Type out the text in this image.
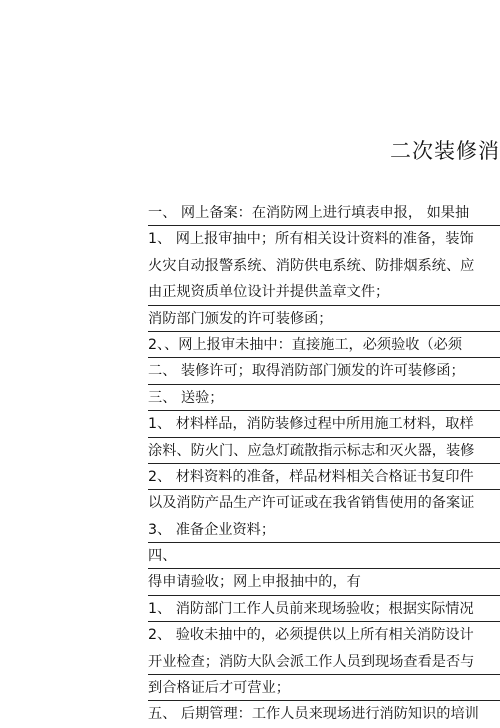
二次装修消
一、 网上备案：在消防网上进行填表申报， 如果抽
1、 网上报审抽中；所有相关设计资料的准备，装饰
火灾自动报警系统、消防供电系统、防排烟系统、应
由正规资质单位设计并提供盖章文件；
消防部门颁发的许可装修函；
2、、网上报审未抽中：直接施工，必须验收（必须
二、 装修许可；取得消防部门颁发的许可装修函；
三、 送验；
1、 材料样品，消防装修过程中所用施工材料，取样
涂料、防火门、应急灯疏散指示标志和灭火器，装修
2、 材料资料的准备，样品材料相关合格证书复印件
以及消防产品生产许可证或在我省销售使用的备案证
3、 准备企业资料；
四、
得申请验收；网上申报抽中的，有
1、 消防部门工作人员前来现场验收；根据实际情况
2、 验收未抽中的，必须提供以上所有相关消防设计
开业检查；消防大队会派工作人员到现场查看是否与
到合格证后才可营业；
五、 后期管理：工作人员来现场进行消防知识的培训
